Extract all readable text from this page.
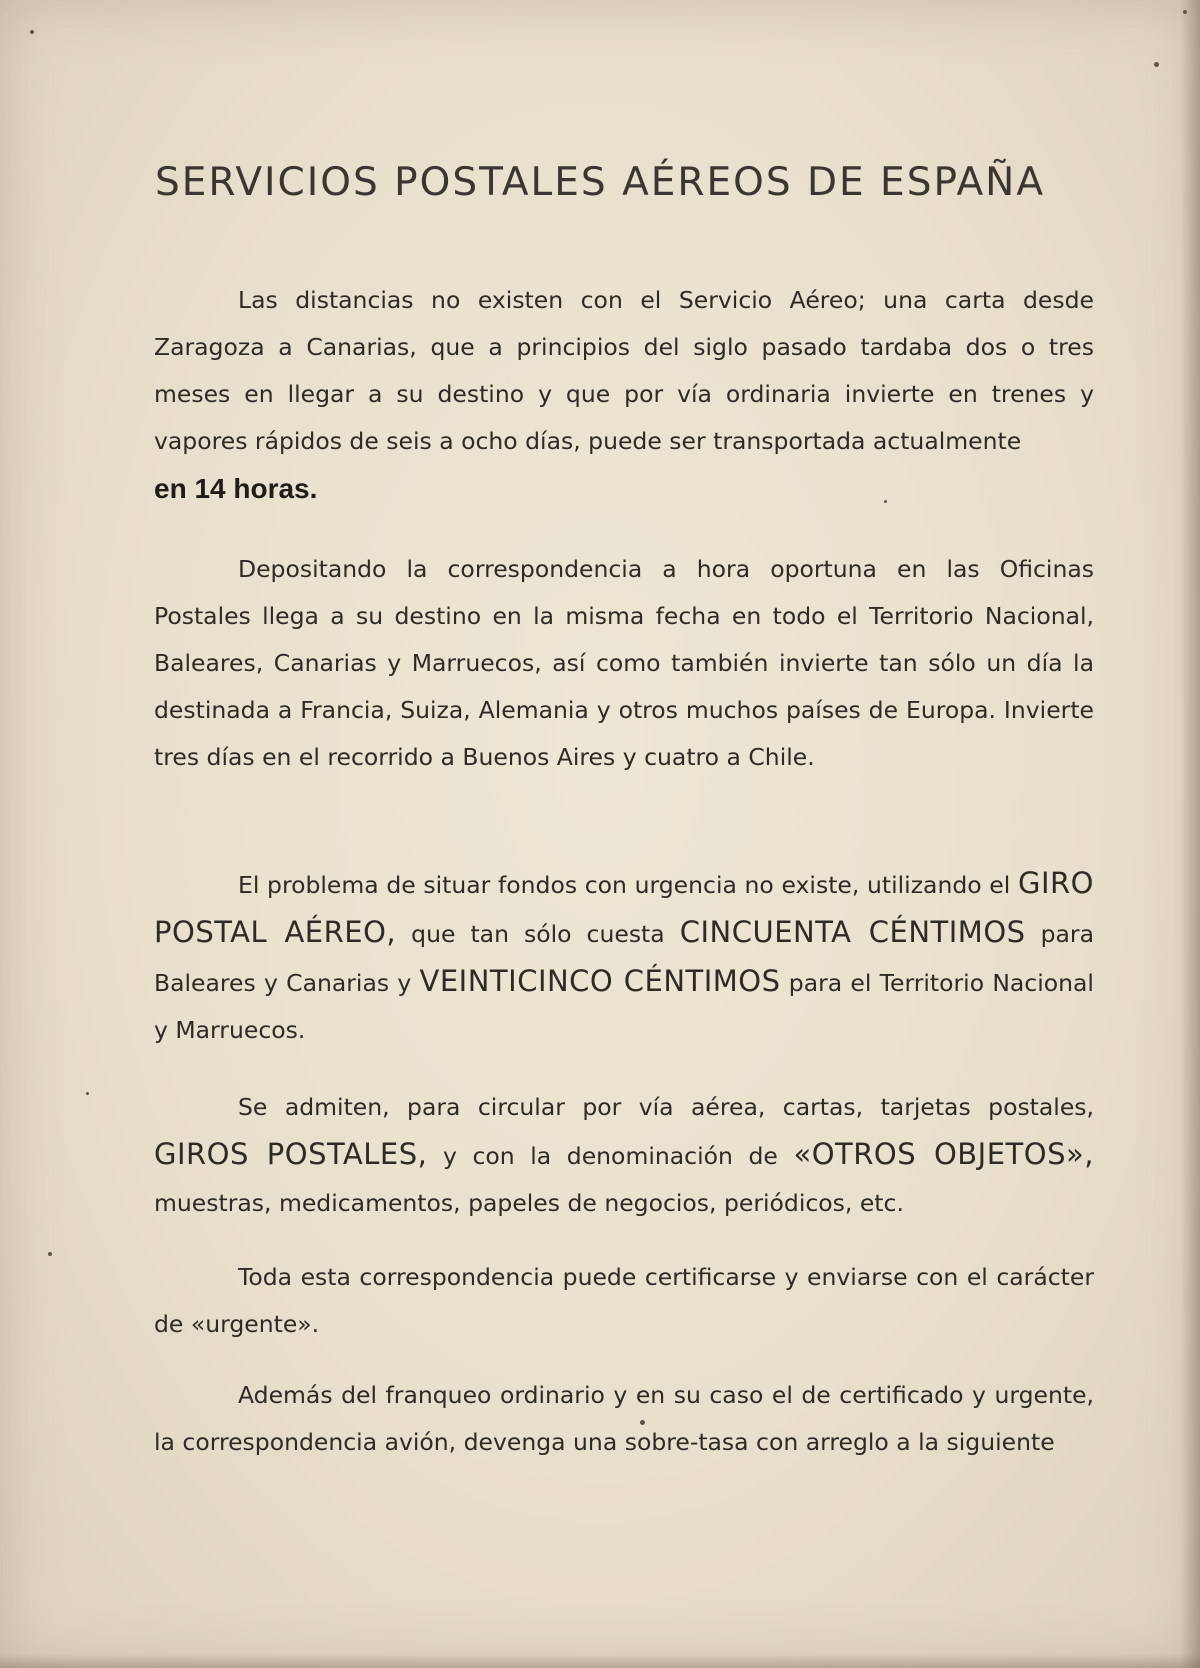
SERVICIOS POSTALES AÉREOS DE ESPAÑA

Las distancias no existen con el Servicio Aéreo; una carta desde Zaragoza a Canarias, que a principios del siglo pasado tardaba dos o tres meses en llegar a su destino y que por vía ordinaria invierte en trenes y vapores rápidos de seis a ocho días, puede ser transportada actualmente
en 14 horas.

Depositando la correspondencia a hora oportuna en las Oficinas Postales llega a su destino en la misma fecha en todo el Territorio Nacional, Baleares, Canarias y Marruecos, así como también invierte tan sólo un día la destinada a Francia, Suiza, Alemania y otros muchos países de Europa. Invierte tres días en el recorrido a Buenos Aires y cuatro a Chile.

El problema de situar fondos con urgencia no existe, utilizando el GIRO POSTAL AÉREO, que tan sólo cuesta CINCUENTA CÉNTIMOS para Baleares y Canarias y VEINTICINCO CÉNTIMOS para el Territorio Nacional y Marruecos.

Se admiten, para circular por vía aérea, cartas, tarjetas postales, GIROS POSTALES, y con la denominación de «OTROS OBJETOS», muestras, medicamentos, papeles de negocios, periódicos, etc.

Toda esta correspondencia puede certificarse y enviarse con el carácter de «urgente».

Además del franqueo ordinario y en su caso el de certificado y urgente, la correspondencia avión, devenga una sobre-tasa con arreglo a la siguiente
